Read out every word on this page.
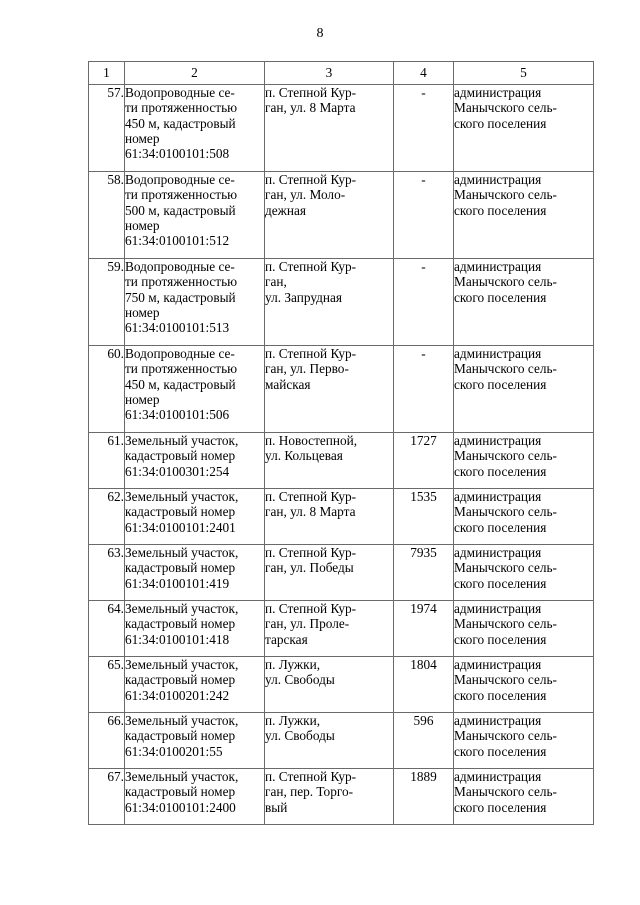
8
1	2	3	4	5
57.	Водопроводные се-
ти протяженностью
450 м, кадастровый
номер
61:34:0100101:508	п. Степной Кур-
ган, ул. 8 Марта	-	администрация
Манычского сель-
ского поселения

58.	Водопроводные се-
ти протяженностью
500 м, кадастровый
номер
61:34:0100101:512	п. Степной Кур-
ган, ул. Моло-
дежная	-	администрация
Манычского сель-
ского поселения

59.	Водопроводные се-
ти протяженностью
750 м, кадастровый
номер
61:34:0100101:513	п. Степной Кур-
ган,
ул. Запрудная	-	администрация
Манычского сель-
ского поселения

60.	Водопроводные се-
ти протяженностью
450 м, кадастровый
номер
61:34:0100101:506	п. Степной Кур-
ган, ул. Перво-
майская	-	администрация
Манычского сель-
ского поселения

61.	Земельный участок,
кадастровый номер
61:34:0100301:254	п. Новостепной,
ул. Кольцевая	1727	администрация
Манычского сель-
ского поселения

62.	Земельный участок,
кадастровый номер
61:34:0100101:2401	п. Степной Кур-
ган, ул. 8 Марта	1535	администрация
Манычского сель-
ского поселения

63.	Земельный участок,
кадастровый номер
61:34:0100101:419	п. Степной Кур-
ган, ул. Победы	7935	администрация
Манычского сель-
ского поселения

64.	Земельный участок,
кадастровый номер
61:34:0100101:418	п. Степной Кур-
ган, ул. Проле-
тарская	1974	администрация
Манычского сель-
ского поселения

65.	Земельный участок,
кадастровый номер
61:34:0100201:242	п. Лужки,
ул. Свободы	1804	администрация
Манычского сель-
ского поселения

66.	Земельный участок,
кадастровый номер
61:34:0100201:55	п. Лужки,
ул. Свободы	596	администрация
Манычского сель-
ского поселения

67.	Земельный участок,
кадастровый номер
61:34:0100101:2400	п. Степной Кур-
ган, пер. Торго-
вый	1889	администрация
Манычского сель-
ского поселения
